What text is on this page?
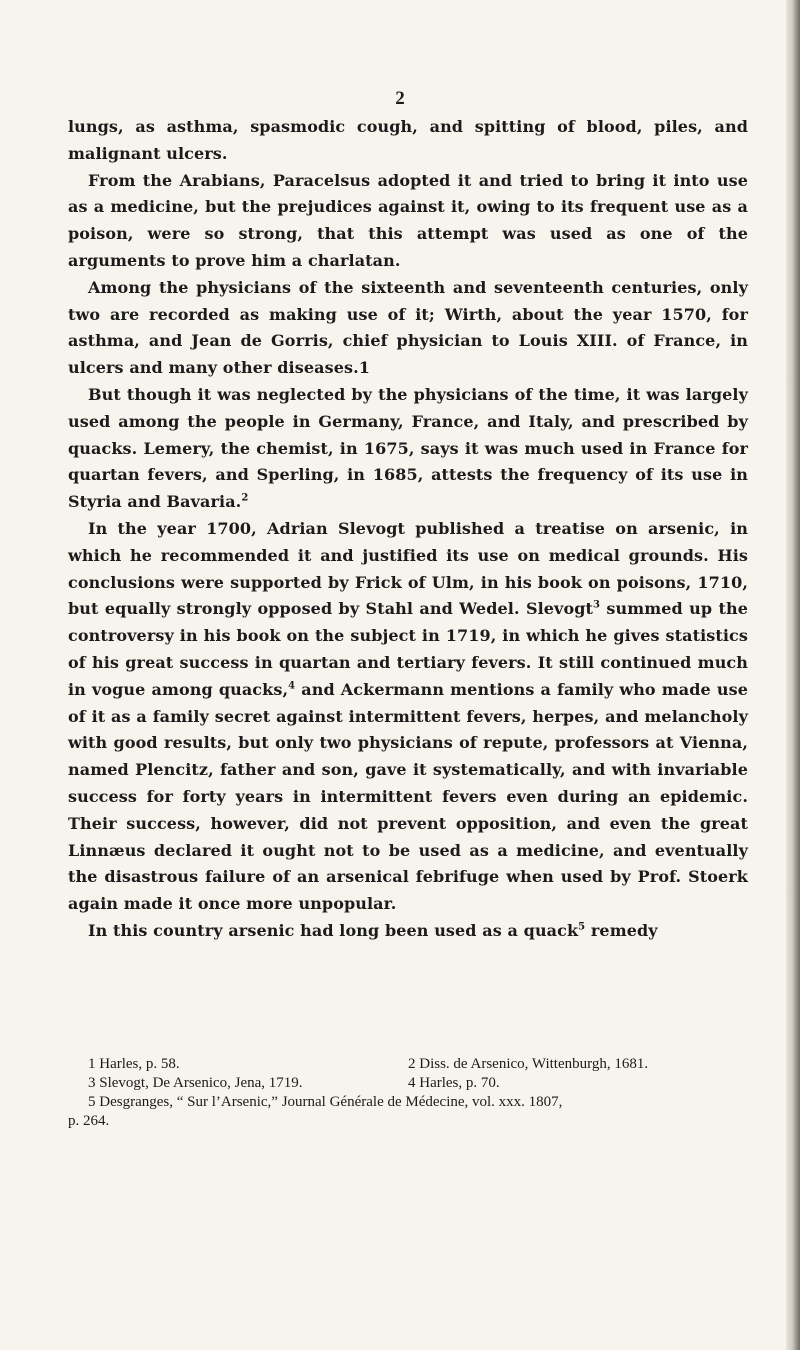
2

lungs, as asthma, spasmodic cough, and spitting of blood, piles, and malignant ulcers.

From the Arabians, Paracelsus adopted it and tried to bring it into use as a medicine, but the prejudices against it, owing to its frequent use as a poison, were so strong, that this attempt was used as one of the arguments to prove him a charlatan.

Among the physicians of the sixteenth and seventeenth centuries, only two are recorded as making use of it; Wirth, about the year 1570, for asthma, and Jean de Gorris, chief physician to Louis XIII. of France, in ulcers and many other diseases.1

But though it was neglected by the physicians of the time, it was largely used among the people in Germany, France, and Italy, and prescribed by quacks. Lemery, the chemist, in 1675, says it was much used in France for quartan fevers, and Sperling, in 1685, attests the frequency of its use in Styria and Bavaria.$^2$

In the year 1700, Adrian Slevogt published a treatise on arsenic, in which he recommended it and justified its use on medical grounds. His conclusions were supported by Frick of Ulm, in his book on poisons, 1710, but equally strongly opposed by Stahl and Wedel. Slevogt$^3$ summed up the controversy in his book on the subject in 1719, in which he gives statistics of his great success in quartan and tertiary fevers. It still continued much in vogue among quacks,$^4$ and Ackermann mentions a family who made use of it as a family secret against intermittent fevers, herpes, and melancholy with good results, but only two physicians of repute, professors at Vienna, named Plencitz, father and son, gave it systematically, and with invariable success for forty years in intermittent fevers even during an epidemic. Their success, however, did not prevent opposition, and even the great Linnæus declared it ought not to be used as a medicine, and eventually the disastrous failure of an arsenical febrifuge when used by Prof. Stoerk again made it once more unpopular.

In this country arsenic had long been used as a quack$^5$ remedy

1 Harles, p. 58.	2 Diss. de Arsenico, Wittenburgh, 1681.
3 Slevogt, De Arsenico, Jena, 1719.	4 Harles, p. 70.
5 Desgranges, “ Sur l’Arsenic,” Journal Générale de Médecine, vol. xxx. 1807,
p. 264.
